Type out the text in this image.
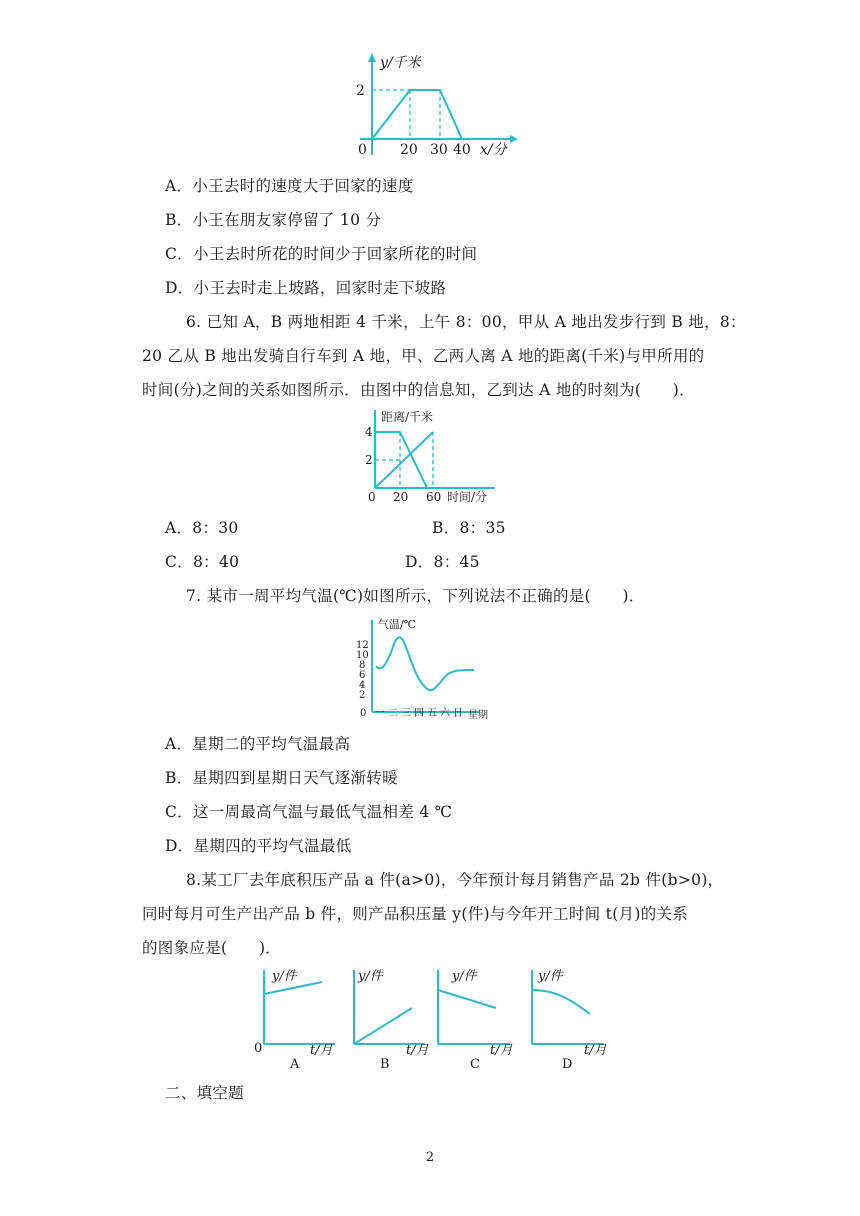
y/千米
2
0 20 30 40 x/分
A．小王去时的速度大于回家的速度
B．小王在朋友家停留了 10 分
C．小王去时所花的时间少于回家所花的时间
D．小王去时走上坡路，回家时走下坡路
6. 已知 A，B 两地相距 4 千米，上午 8：00，甲从 A 地出发步行到 B 地，8：
20 乙从 B 地出发骑自行车到 A 地，甲、乙两人离 A 地的距离(千米)与甲所用的
时间(分)之间的关系如图所示．由图中的信息知，乙到达 A 地的时刻为(　　)．
距离/千米
4
2
0 20 60 时间/分
A．8：30	B．8：35
C．8：40	D．8：45
7. 某市一周平均气温(℃)如图所示，下列说法不正确的是(　　)．
气温/℃
12
10
8
6
4
2
0 一 二 三 四 五 六 日 星期
A．星期二的平均气温最高
B．星期四到星期日天气逐渐转暖
C．这一周最高气温与最低气温相差 4 ℃
D．星期四的平均气温最低
8.某工厂去年底积压产品 a 件(a>0)，今年预计每月销售产品 2b 件(b>0)，
同时每月可生产出产品 b 件，则产品积压量 y(件)与今年开工时间 t(月)的关系
的图象应是(　　)．
y/件
0	t/月
A
y/件
t/月
B
y/件
t/月
C
y/件
t/月
D
二、填空题
2
